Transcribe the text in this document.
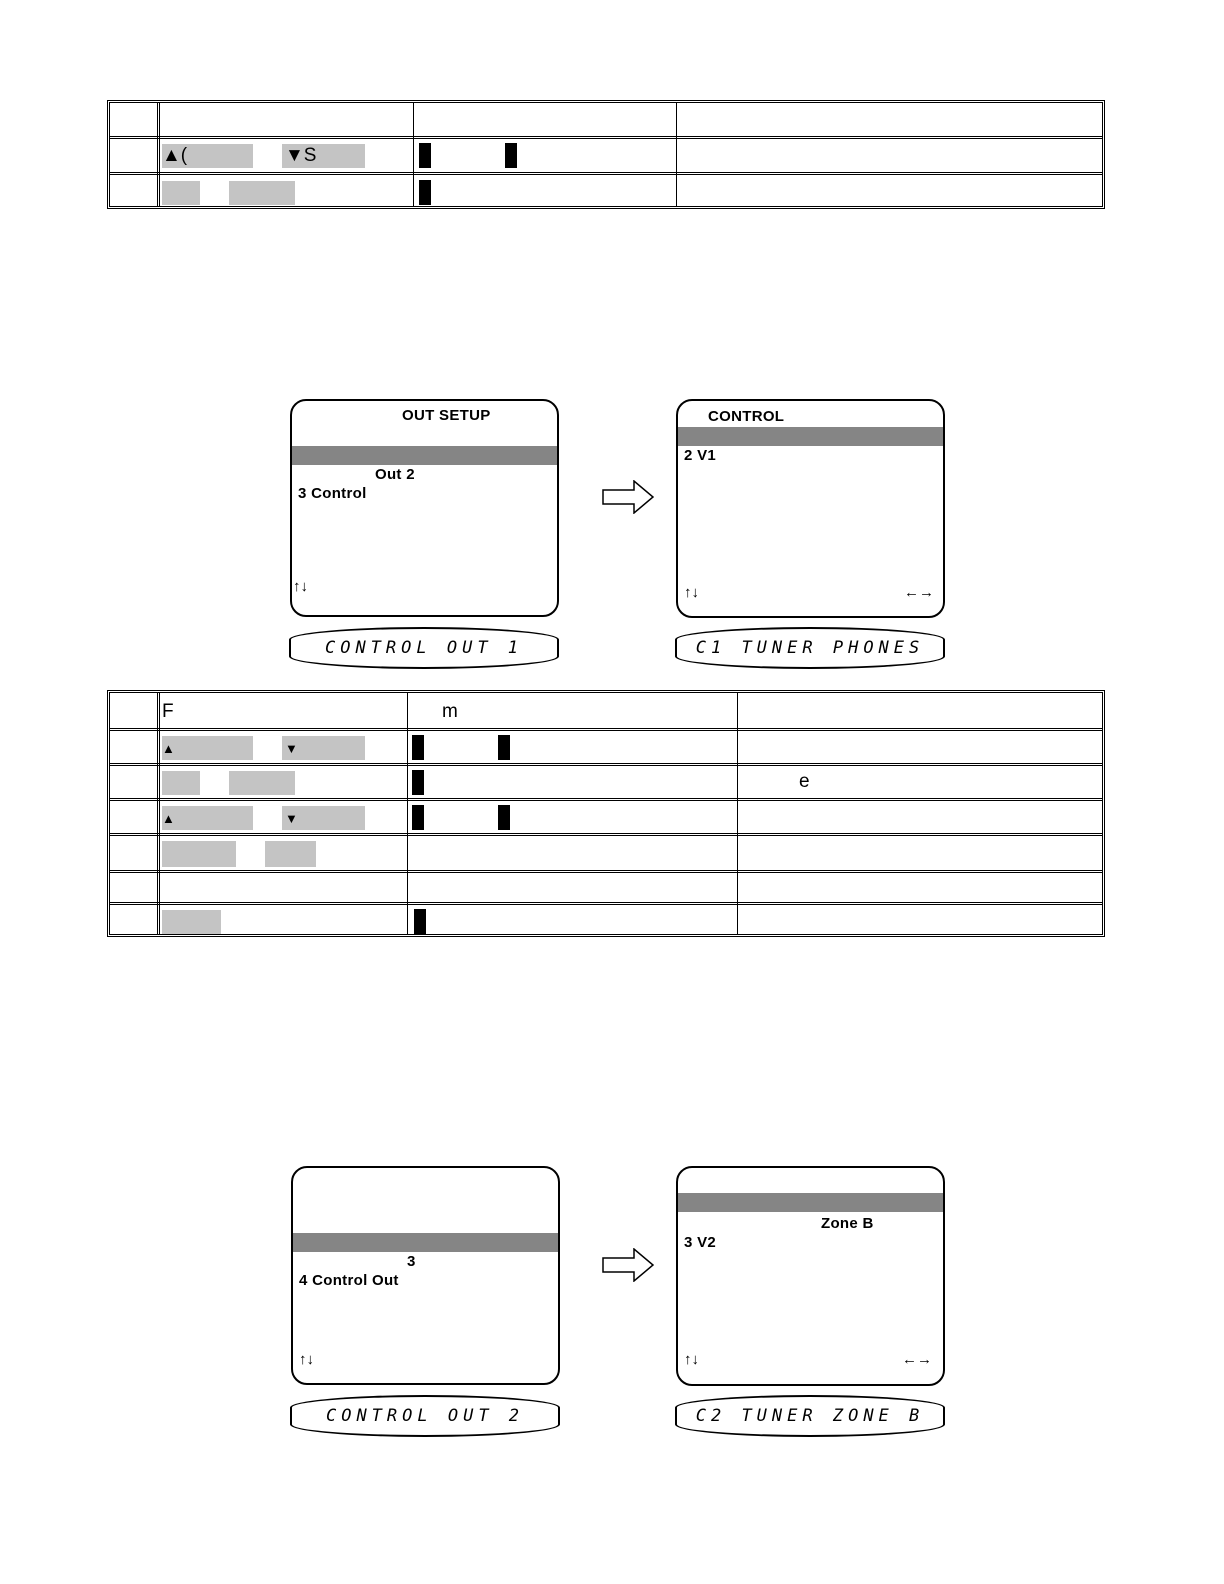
▲(	▼S
OUT SETUP
Out 2
3 Control
↑↓
CONTROL OUT 1
CONTROL
2 V1
↑↓	←→
C1 TUNER PHONES
F	m
▲	▼
e
▲	▼
3
4 Control Out
↑↓
CONTROL OUT 2
Zone B
3 V2
↑↓	←→
C2 TUNER ZONE B
